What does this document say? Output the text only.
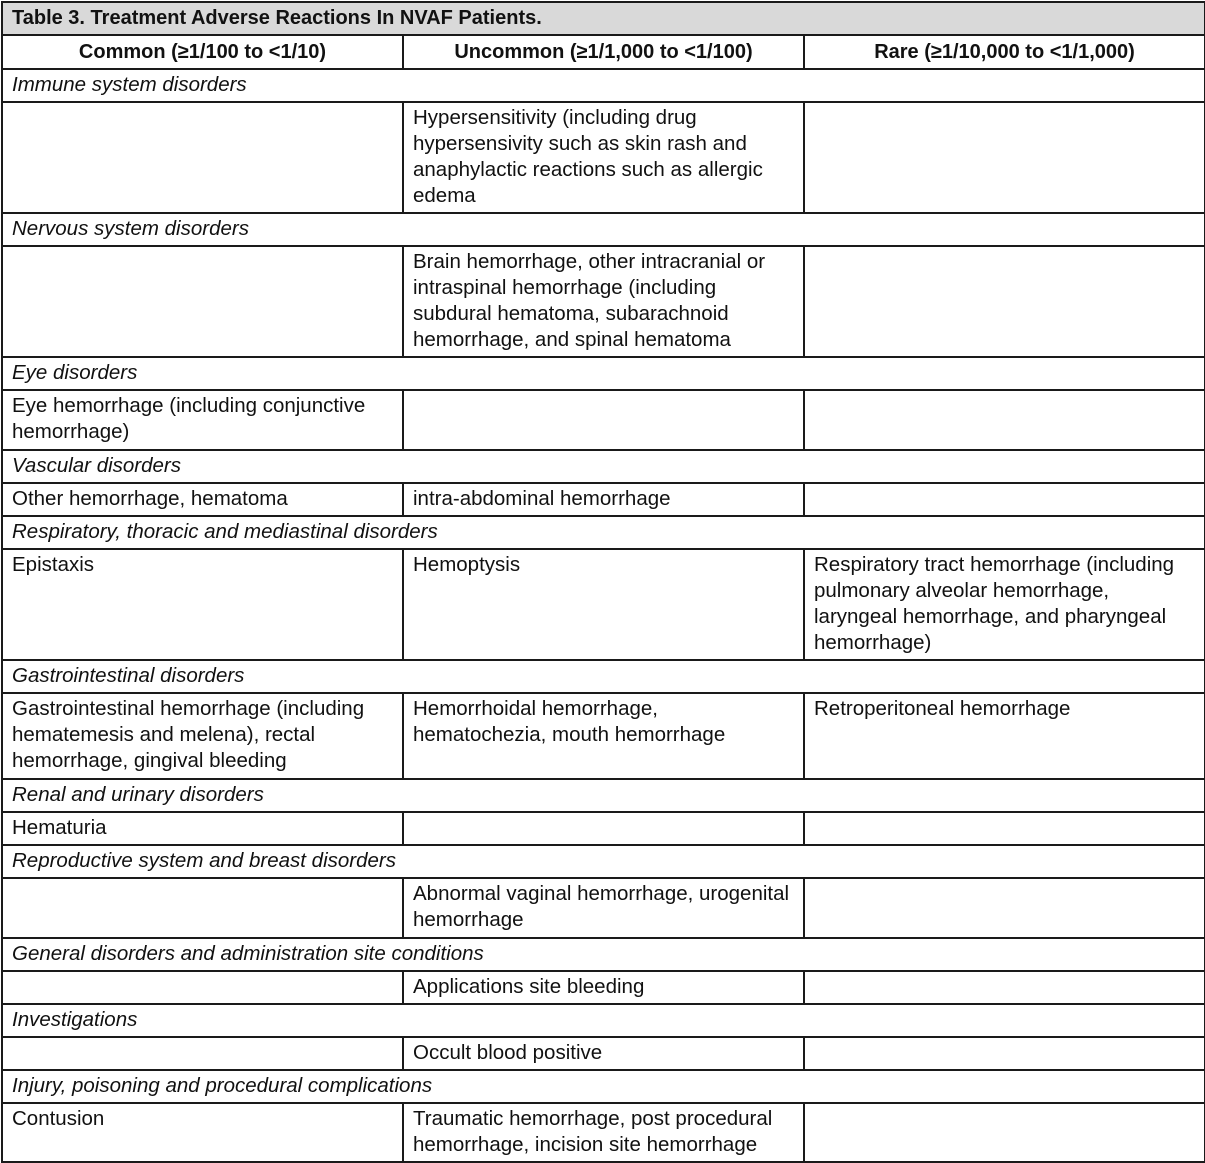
Table 3. Treatment Adverse Reactions In NVAF Patients.		
Common (≥1/100 to <1/10)	Uncommon (≥1/1,000 to <1/100)	Rare (≥1/10,000 to <1/1,000)
Immune system disorders		
	Hypersensitivity (including drug hypersensivity such as skin rash and anaphylactic reactions such as allergic edema	
Nervous system disorders		
	Brain hemorrhage, other intracranial or intraspinal hemorrhage (including subdural hematoma, subarachnoid hemorrhage, and spinal hematoma	
Eye disorders		
Eye hemorrhage (including conjunctive hemorrhage)		
Vascular disorders		
Other hemorrhage, hematoma	intra-abdominal hemorrhage	
Respiratory, thoracic and mediastinal disorders		
Epistaxis	Hemoptysis	Respiratory tract hemorrhage (including pulmonary alveolar hemorrhage, laryngeal hemorrhage, and pharyngeal hemorrhage)
Gastrointestinal disorders		
Gastrointestinal hemorrhage (including hematemesis and melena), rectal hemorrhage, gingival bleeding	Hemorrhoidal hemorrhage, hematochezia, mouth hemorrhage	Retroperitoneal hemorrhage
Renal and urinary disorders		
Hematuria		
Reproductive system and breast disorders		
	Abnormal vaginal hemorrhage, urogenital hemorrhage	
General disorders and administration site conditions		
	Applications site bleeding	
Investigations		
	Occult blood positive	
Injury, poisoning and procedural complications		
Contusion	Traumatic hemorrhage, post procedural hemorrhage, incision site hemorrhage	
